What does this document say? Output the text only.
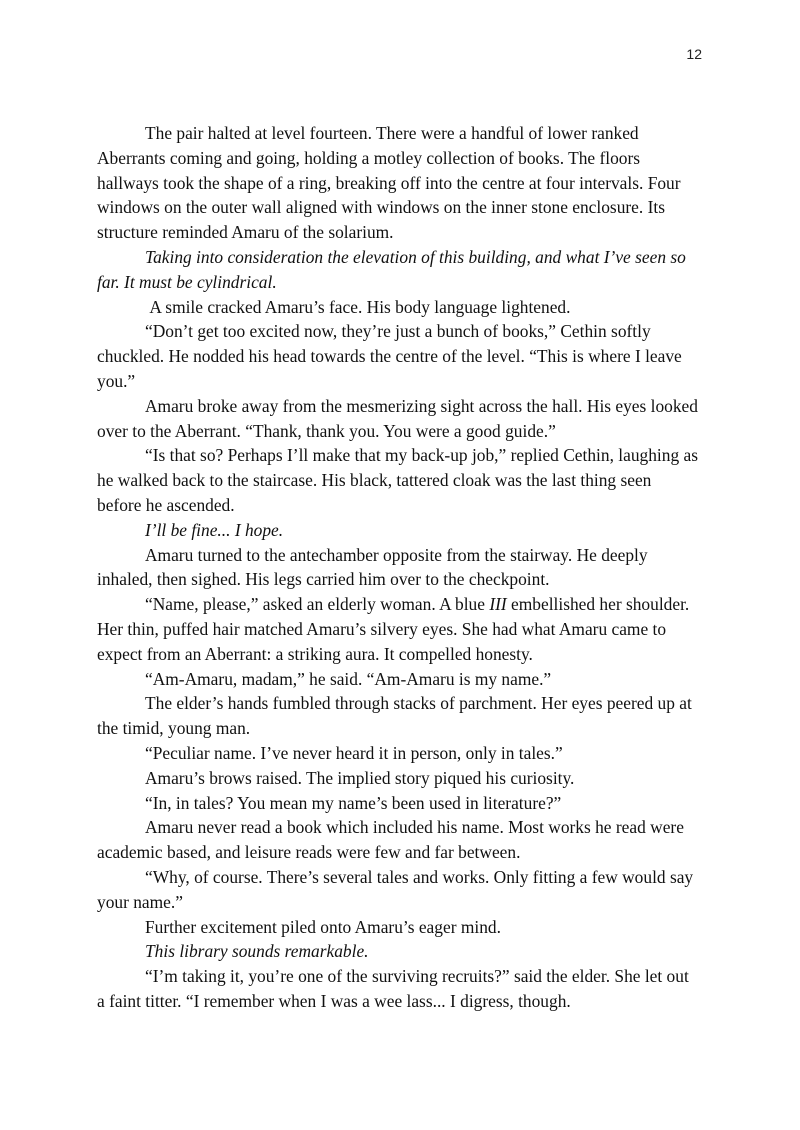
12

The pair halted at level fourteen. There were a handful of lower ranked Aberrants coming and going, holding a motley collection of books. The floors hallways took the shape of a ring, breaking off into the centre at four intervals. Four windows on the outer wall aligned with windows on the inner stone enclosure. Its structure reminded Amaru of the solarium.

Taking into consideration the elevation of this building, and what I’ve seen so far. It must be cylindrical.

A smile cracked Amaru’s face. His body language lightened.

“Don’t get too excited now, they’re just a bunch of books,” Cethin softly chuckled. He nodded his head towards the centre of the level. “This is where I leave you.”

Amaru broke away from the mesmerizing sight across the hall. His eyes looked over to the Aberrant. “Thank, thank you. You were a good guide.”

“Is that so? Perhaps I’ll make that my back-up job,” replied Cethin, laughing as he walked back to the staircase. His black, tattered cloak was the last thing seen before he ascended.

I’ll be fine... I hope.

Amaru turned to the antechamber opposite from the stairway. He deeply inhaled, then sighed. His legs carried him over to the checkpoint.

“Name, please,” asked an elderly woman. A blue III embellished her shoulder. Her thin, puffed hair matched Amaru’s silvery eyes. She had what Amaru came to expect from an Aberrant: a striking aura. It compelled honesty.

“Am-Amaru, madam,” he said. “Am-Amaru is my name.”

The elder’s hands fumbled through stacks of parchment. Her eyes peered up at the timid, young man.

“Peculiar name. I’ve never heard it in person, only in tales.”

Amaru’s brows raised. The implied story piqued his curiosity.

“In, in tales? You mean my name’s been used in literature?”

Amaru never read a book which included his name. Most works he read were academic based, and leisure reads were few and far between.

“Why, of course. There’s several tales and works. Only fitting a few would say your name.”

Further excitement piled onto Amaru’s eager mind.

This library sounds remarkable.

“I’m taking it, you’re one of the surviving recruits?” said the elder. She let out a faint titter. “I remember when I was a wee lass... I digress, though.
